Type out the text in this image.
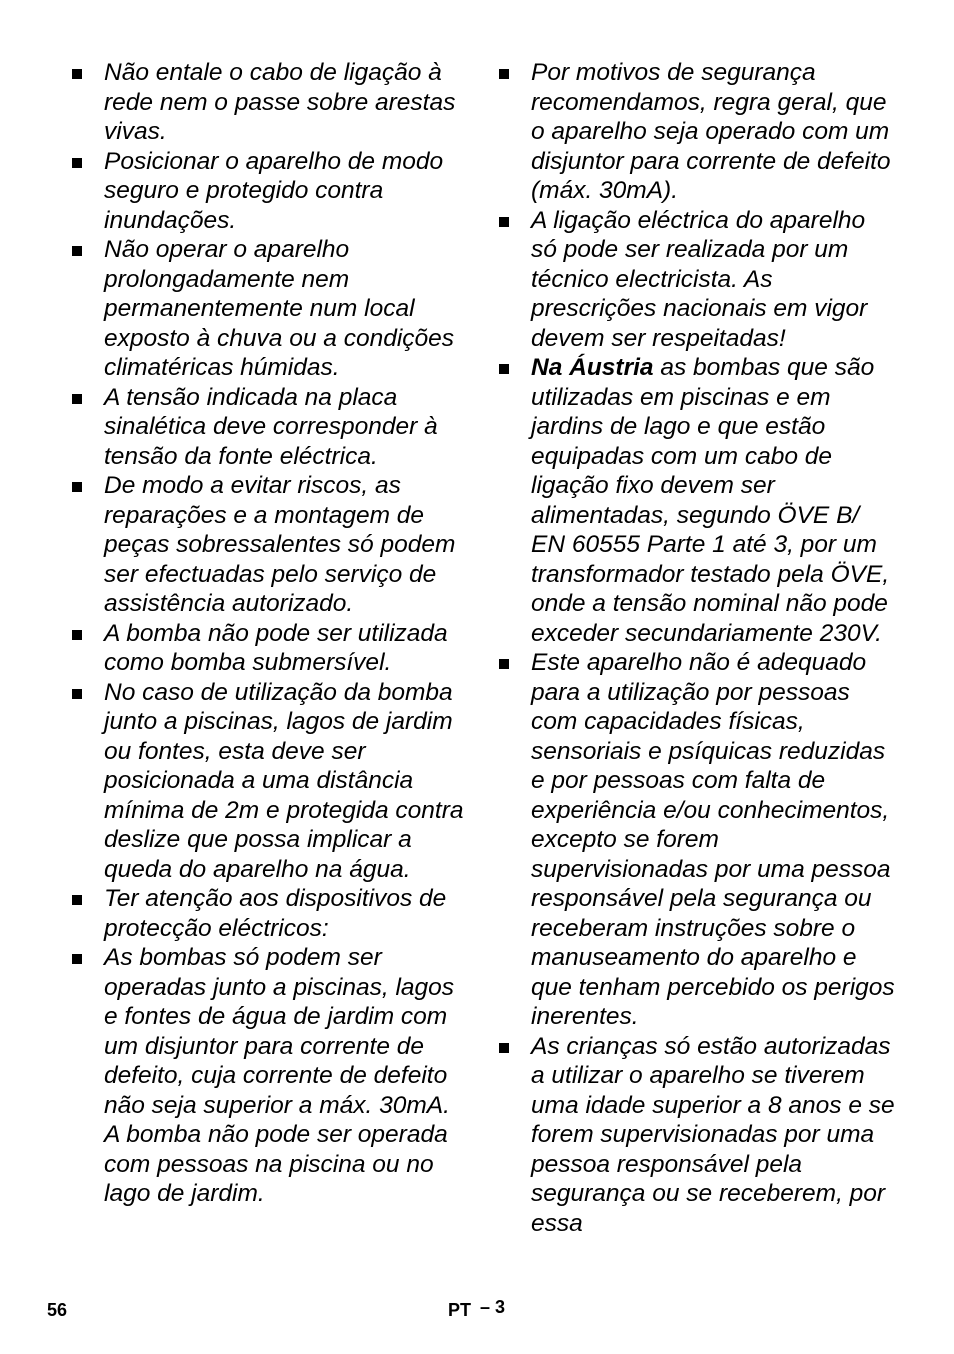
Não entale o cabo de ligação à rede nem o passe sobre arestas vivas.
Posicionar o aparelho de modo seguro e protegido contra inundações.
Não operar o aparelho prolongadamente nem permanentemente num local exposto à chuva ou a condições climatéricas húmidas.
A tensão indicada na placa sinalética deve corresponder à tensão da fonte eléctrica.
De modo a evitar riscos, as reparações e a montagem de peças sobressalentes só podem ser efectuadas pelo serviço de assistência autorizado.
A bomba não pode ser utilizada como bomba submersível.
No caso de utilização da bomba junto a piscinas, lagos de jardim ou fontes, esta deve ser posicionada a uma distância mínima de 2m e protegida contra deslize que possa implicar a queda do aparelho na água.
Ter atenção aos dispositivos de protecção eléctricos:
As bombas só podem ser operadas junto a piscinas, lagos e fontes de água de jardim com um disjuntor para corrente de defeito, cuja corrente de defeito não seja superior a máx. 30mA. A bomba não pode ser operada com pessoas na piscina ou no lago de jardim.
Por motivos de segurança recomendamos, regra geral, que o aparelho seja operado com um disjuntor para corrente de defeito (máx. 30mA).
A ligação eléctrica do aparelho só pode ser realizada por um técnico electricista. As prescrições nacionais em vigor devem ser respeitadas!
Na Áustria as bombas que são utilizadas em piscinas e em jardins de lago e que estão equipadas com um cabo de ligação fixo devem ser alimentadas, segundo ÖVE B/ EN 60555 Parte 1 até 3, por um transformador testado pela ÖVE, onde a tensão nominal não pode exceder secundariamente 230V.
Este aparelho não é adequado para a utilização por pessoas com capacidades físicas, sensoriais e psíquicas reduzidas e por pessoas com falta de experiência e/ou conhecimentos, excepto se forem supervisionadas por uma pessoa responsável pela segurança ou receberam instruções sobre o manuseamento do aparelho e que tenham percebido os perigos inerentes.
As crianças só estão autorizadas a utilizar o aparelho se tiverem uma idade superior a 8 anos e se forem supervisionadas por uma pessoa responsável pela segurança ou se receberem, por essa
56	PT – 3
